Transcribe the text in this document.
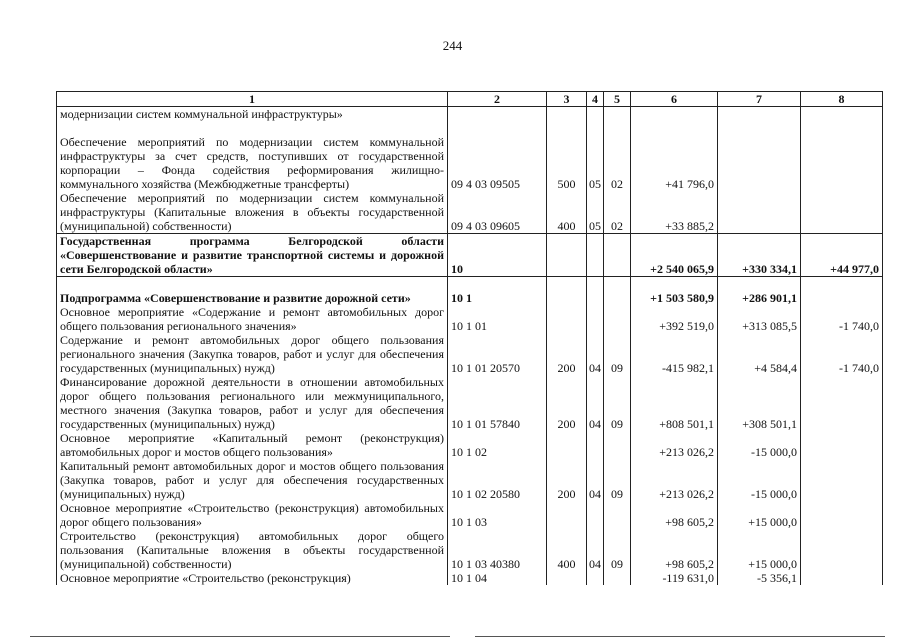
244
1	2	3	4	5	6	7	8
модернизации систем коммунальной инфраструктуры»							
Обеспечение мероприятий по модернизации систем коммунальной инфраструктуры за счет средств, поступивших от государственной корпорации – Фонда содействия реформирования жилищно-коммунального хозяйства (Межбюджетные трансферты)	09 4 03 09505	500	05	02	+41 796,0		
Обеспечение мероприятий по модернизации систем коммунальной инфраструктуры (Капитальные вложения в объекты государственной (муниципальной) собственности)	09 4 03 09605	400	05	02	+33 885,2		
Государственная программа Белгородской области «Совершенствование и развитие транспортной системы и дорожной сети Белгородской области»	10				+2 540 065,9	+330 334,1	+44 977,0
Подпрограмма «Совершенствование и развитие дорожной сети»	10 1				+1 503 580,9	+286 901,1	
Основное мероприятие «Содержание и ремонт автомобильных дорог общего пользования регионального значения»	10 1 01				+392 519,0	+313 085,5	-1 740,0
Содержание и ремонт автомобильных дорог общего пользования регионального значения (Закупка товаров, работ и услуг для обеспечения государственных (муниципальных) нужд)	10 1 01 20570	200	04	09	-415 982,1	+4 584,4	-1 740,0
Финансирование дорожной деятельности в отношении автомобильных дорог общего пользования регионального или межмуниципального, местного значения (Закупка товаров, работ и услуг для обеспечения государственных (муниципальных) нужд)	10 1 01 57840	200	04	09	+808 501,1	+308 501,1	
Основное мероприятие «Капитальный ремонт (реконструкция) автомобильных дорог и мостов общего пользования»	10 1 02				+213 026,2	-15 000,0	
Капитальный ремонт автомобильных дорог и мостов общего пользования (Закупка товаров, работ и услуг для обеспечения государственных (муниципальных) нужд)	10 1 02 20580	200	04	09	+213 026,2	-15 000,0	
Основное мероприятие «Строительство (реконструкция) автомобильных дорог общего пользования»	10 1 03				+98 605,2	+15 000,0	
Строительство (реконструкция) автомобильных дорог общего пользования (Капитальные вложения в объекты государственной (муниципальной) собственности)	10 1 03 40380	400	04	09	+98 605,2	+15 000,0	
Основное мероприятие «Строительство (реконструкция)	10 1 04				-119 631,0	-5 356,1	
